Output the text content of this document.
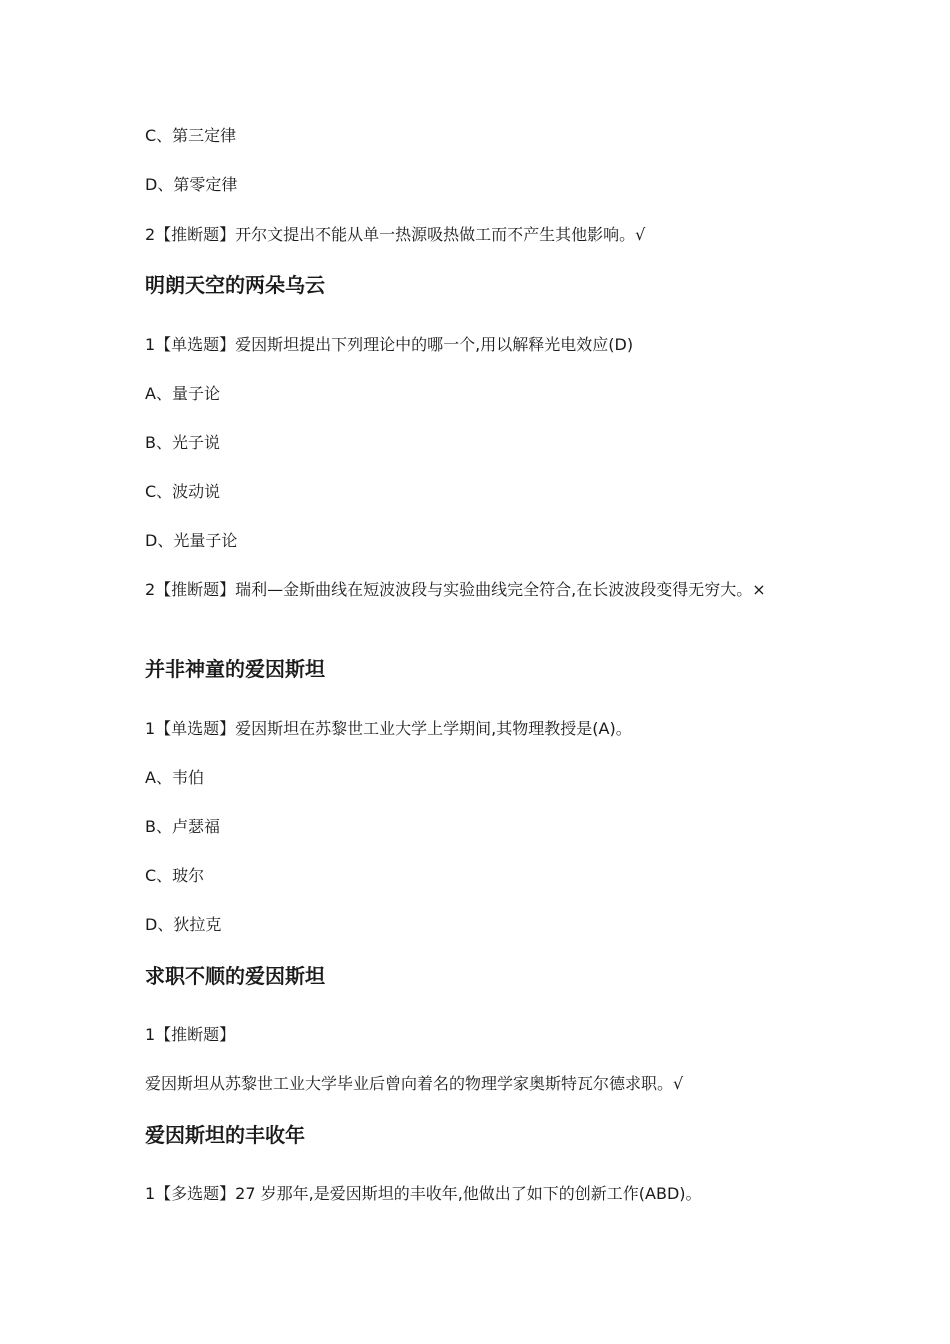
C、第三定律
D、第零定律
2【推断题】开尔文提出不能从单一热源吸热做工而不产生其他影响。√
明朗天空的两朵乌云
1【单选题】爱因斯坦提出下列理论中的哪一个,用以解释光电效应(D)
A、量子论
B、光子说
C、波动说
D、光量子论
2【推断题】瑞利—金斯曲线在短波波段与实验曲线完全符合,在长波波段变得无穷大。×
并非神童的爱因斯坦
1【单选题】爱因斯坦在苏黎世工业大学上学期间,其物理教授是(A)。
A、韦伯
B、卢瑟福
C、玻尔
D、狄拉克
求职不顺的爱因斯坦
1【推断题】
爱因斯坦从苏黎世工业大学毕业后曾向着名的物理学家奥斯特瓦尔德求职。√
爱因斯坦的丰收年
1【多选题】27 岁那年,是爱因斯坦的丰收年,他做出了如下的创新工作(ABD)。
